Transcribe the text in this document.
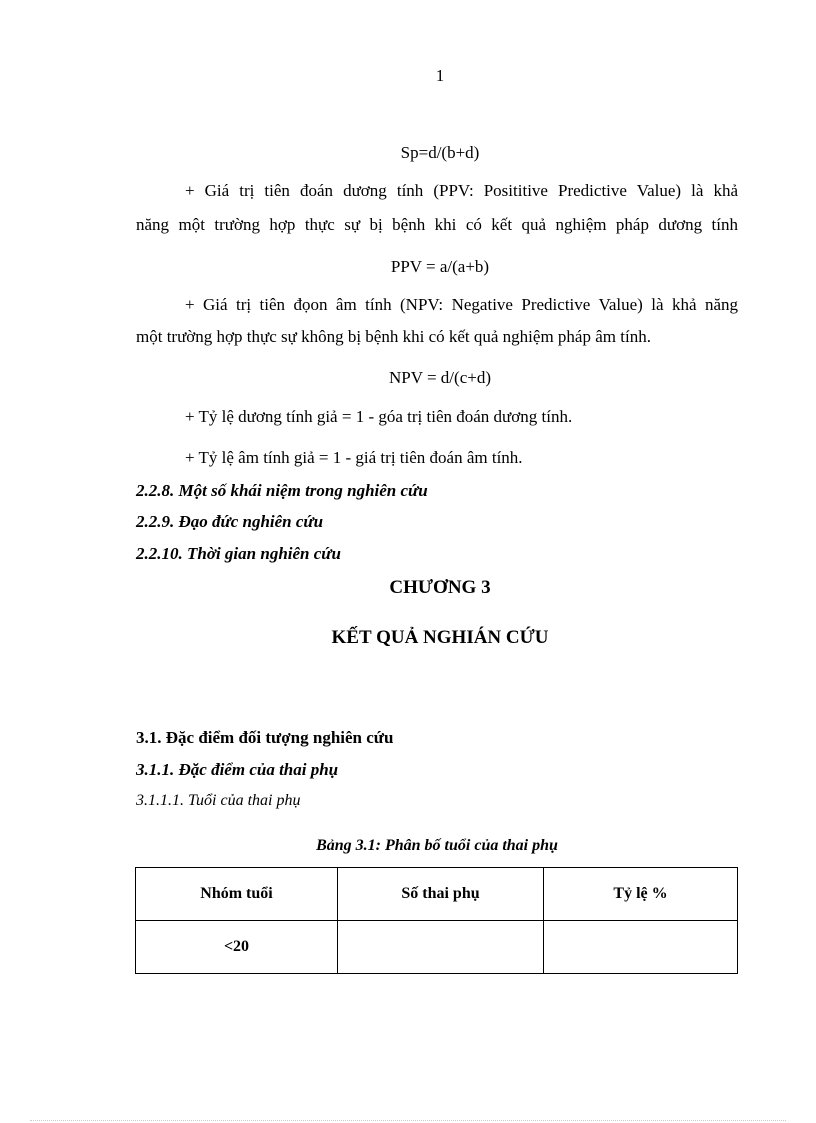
1
Sp=d/(b+d)
+ Giá trị tiên đoán dương tính (PPV: Posititive Predictive Value) là khả
năng một trường hợp thực sự bị bệnh khi có kết quả nghiệm pháp dương tính
PPV = a/(a+b)
+ Giá trị tiên đọon âm tính (NPV: Negative Predictive Value) là khả năng
một trường hợp thực sự không bị bệnh khi có kết quả nghiệm pháp âm tính.
NPV = d/(c+d)
+ Tỷ lệ dương tính giả = 1 - góa trị tiên đoán dương tính.
+ Tỷ lệ âm tính giả = 1 - giá trị tiên đoán âm tính.
2.2.8. Một số khái niệm trong nghiên cứu
2.2.9. Đạo đức nghiên cứu
2.2.10. Thời gian nghiên cứu
CHƯƠNG 3
KẾT QUẢ NGHIÁN CỨU
3.1. Đặc điểm đối tượng nghiên cứu
3.1.1. Đặc điểm của thai phụ
3.1.1.1. Tuổi của thai phụ
Bảng 3.1: Phân bố tuổi của thai phụ
Nhóm tuổi	Số thai phụ	Tỷ lệ %
<20		
